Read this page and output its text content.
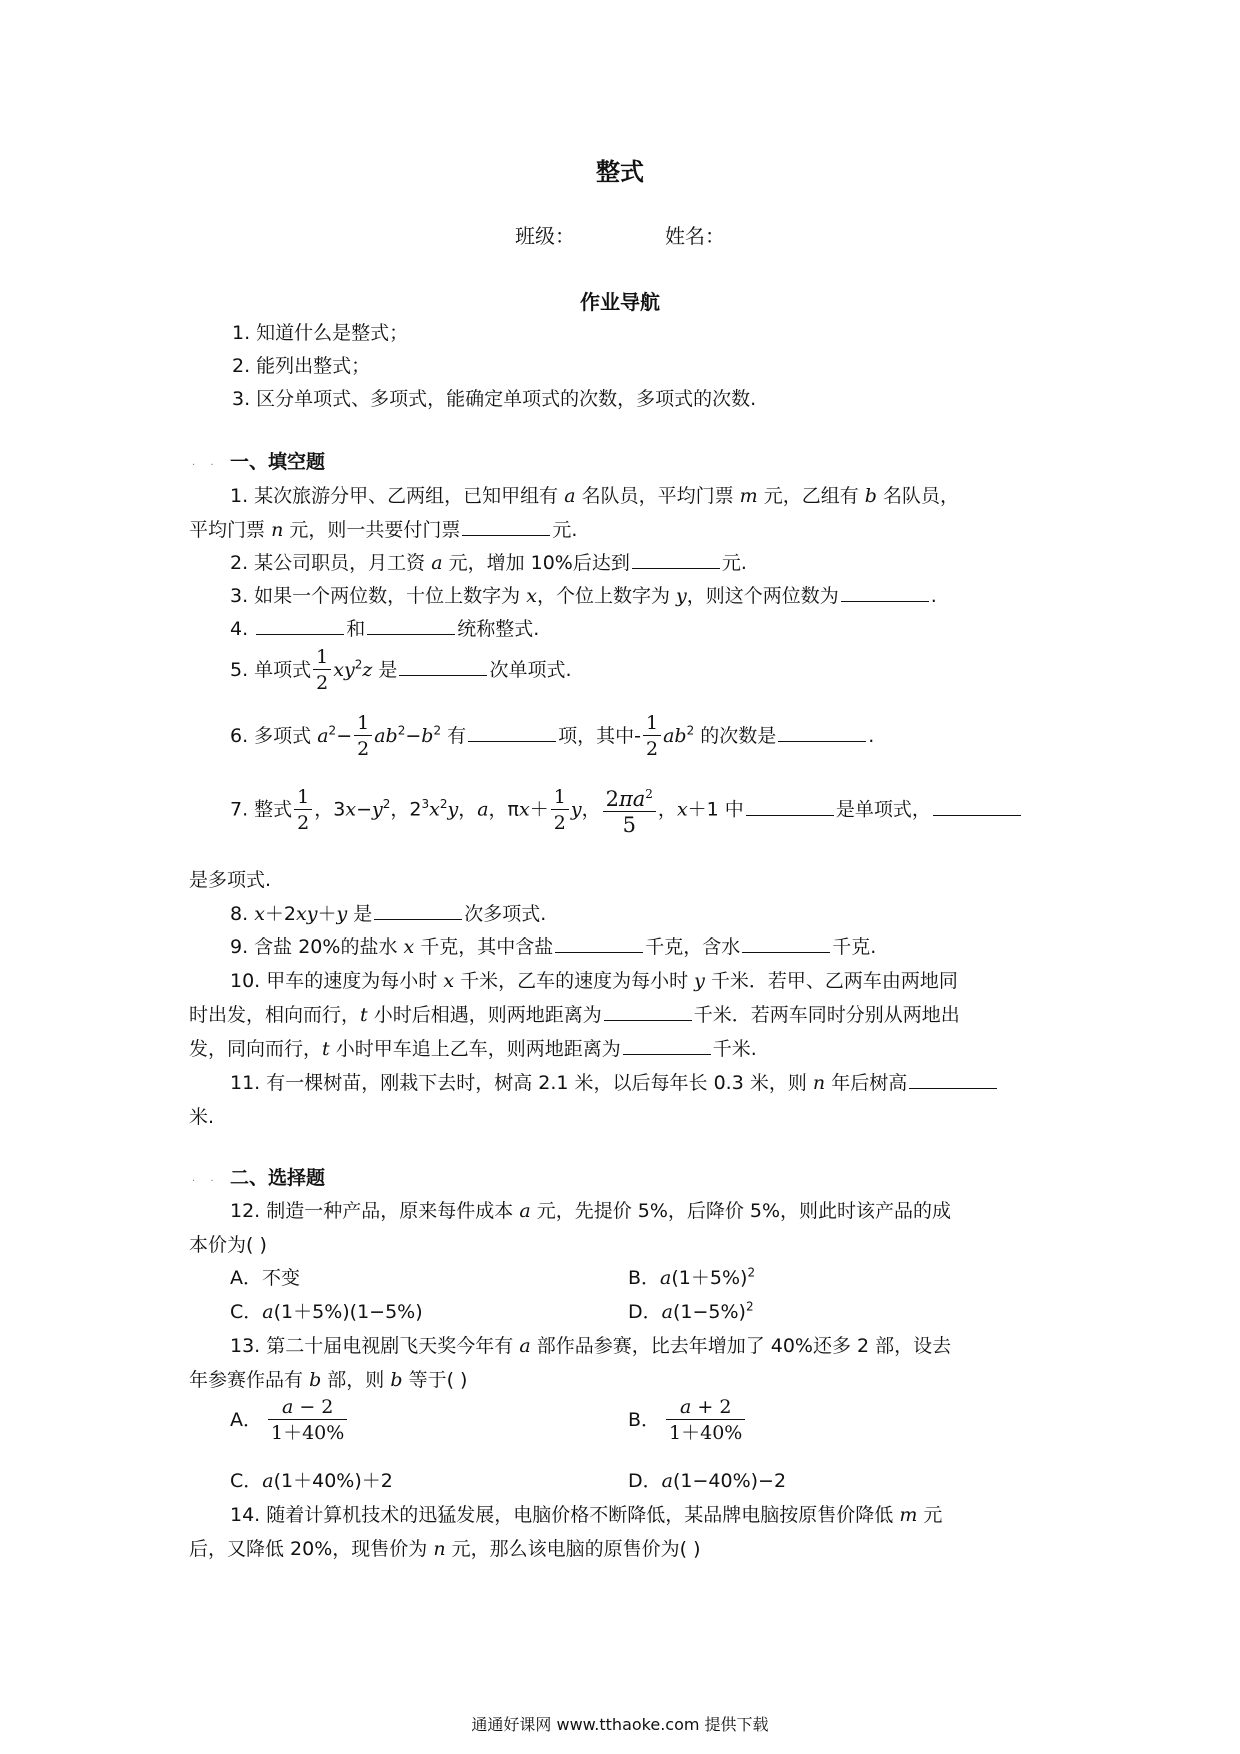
整式
班级：	姓名：
作业导航
1. 知道什么是整式；
2. 能列出整式；
3. 区分单项式、多项式，能确定单项式的次数，多项式的次数.
. . 一、填空题
1. 某次旅游分甲、乙两组，已知甲组有 a 名队员，平均门票 m 元，乙组有 b 名队员，
平均门票 n 元，则一共要付门票	元.
2. 某公司职员，月工资 a 元，增加 10%后达到	元.
3. 如果一个两位数，十位上数字为 x，个位上数字为 y，则这个两位数为	.
4.	和	统称整式.
5. 单项式 $\frac{1}{2} xy^2z$ 是	次单项式.
6. 多项式 $a^2- \frac{1}{2} ab^2-b^2$ 有	项，其中- $\frac{1}{2} ab^2$ 的次数是	.
7. 整式 $\frac{1}{2}$ ，$3x-y^2$，$2^3x^2y$，a，$\pi x+ \frac{1}{2}$ y， $\frac{2\pi a^2}{5}$ ，x＋1 中	是单项式，
是多项式.
8. x＋2xy＋y 是	次多项式.
9. 含盐 20%的盐水 x 千克，其中含盐	千克，含水	千克.
10. 甲车的速度为每小时 x 千米，乙车的速度为每小时 y 千米．若甲、乙两车由两地同
时出发，相向而行，t 小时后相遇，则两地距离为	千米．若两车同时分别从两地出
发，同向而行，t 小时甲车追上乙车，则两地距离为	千米.
11. 有一棵树苗，刚栽下去时，树高 2.1 米，以后每年长 0.3 米，则 n 年后树高
米.
. . 二、选择题
12. 制造一种产品，原来每件成本 a 元，先提价 5%，后降价 5%，则此时该产品的成
本价为( )
A．不变	B．$a(1+5\%)^2$
C．a(1＋5%)(1−5%)	D．$a(1-5\%)^2$
13. 第二十届电视剧飞天奖今年有 a 部作品参赛，比去年增加了 40%还多 2 部，设去
年参赛作品有 b 部，则 b 等于( )
A． $\frac{a - 2}{1+40\%}$	B． $\frac{a + 2}{1+40\%}$
C．a(1＋40%)＋2	D．a(1−40%)−2
14. 随着计算机技术的迅猛发展，电脑价格不断降低，某品牌电脑按原售价降低 m 元
后，又降低 20%，现售价为 n 元，那么该电脑的原售价为( )
通通好课网 www.tthaoke.com 提供下载
